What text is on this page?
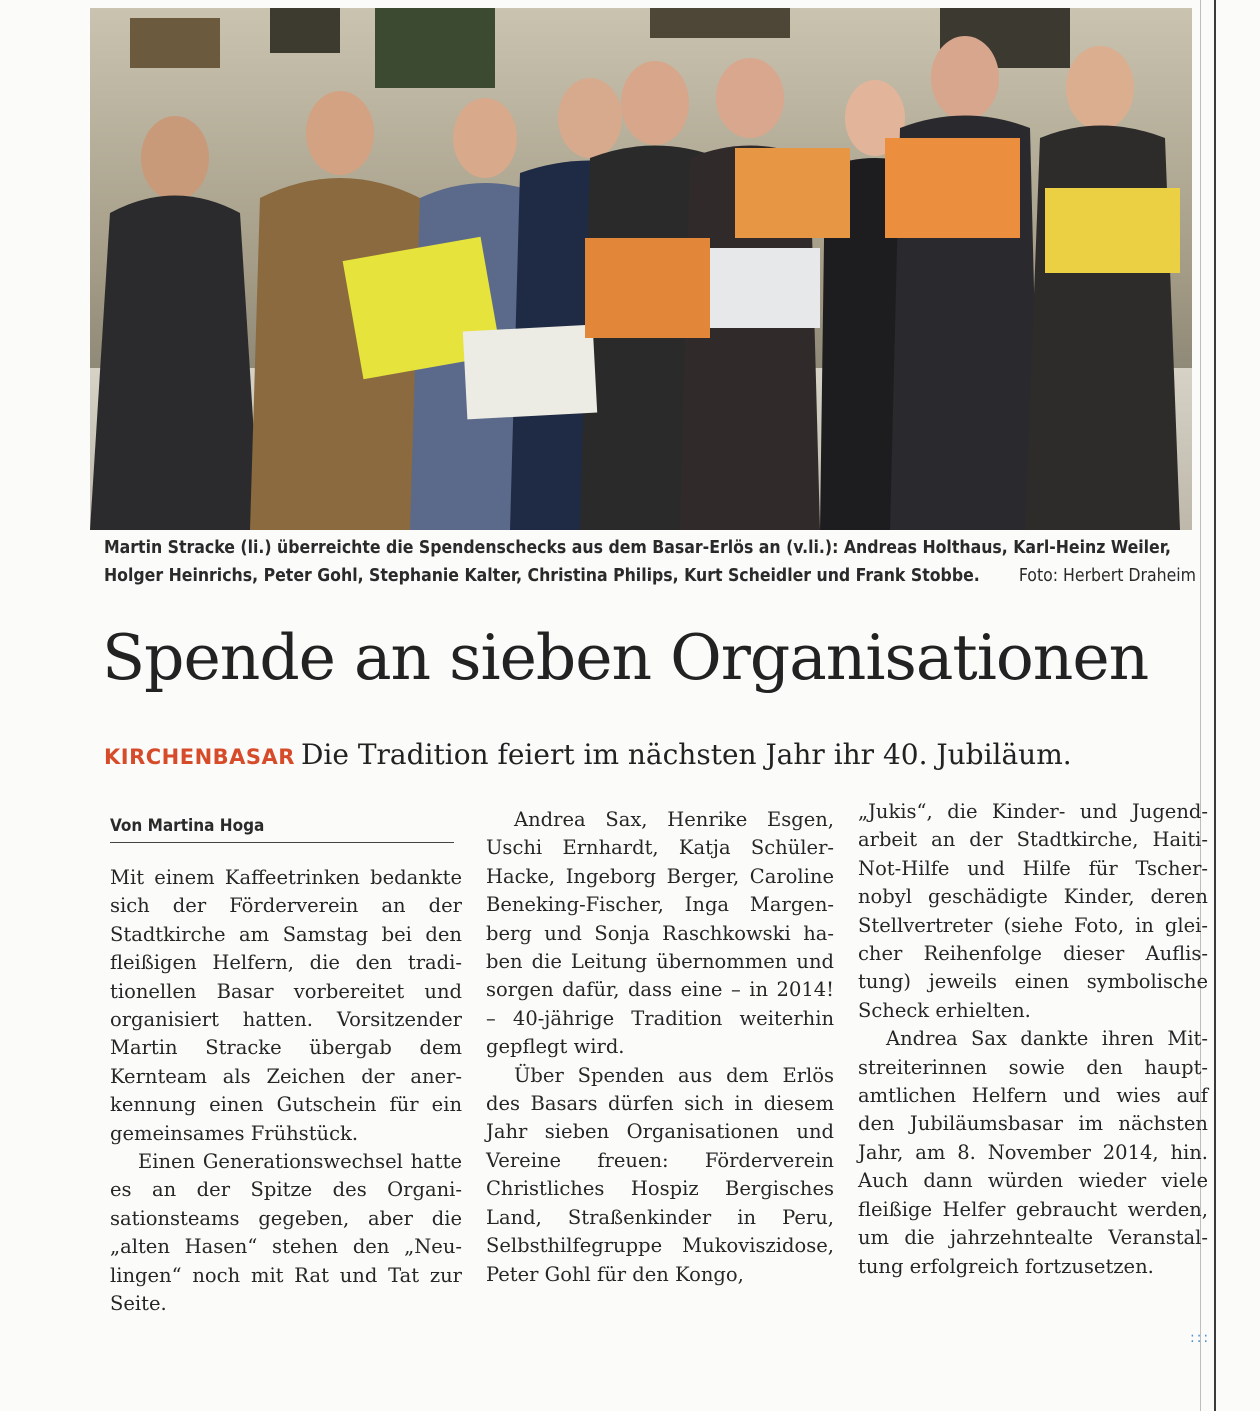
Martin Stracke (li.) überreichte die Spendenschecks aus dem Basar-Erlös an (v.li.): Andreas Holthaus, Karl-Heinz Weiler, Holger Heinrichs, Peter Gohl, Stephanie Kalter, Christina Philips, Kurt Scheidler und Frank Stobbe. Foto: Herbert Draheim
Spende an sieben Organisationen
KIRCHENBASAR Die Tradition feiert im nächsten Jahr ihr 40. Jubiläum.
Von Martina Hoga

Mit einem Kaffeetrinken bedankte sich der Förderverein an der Stadtkirche am Samstag bei den fleißigen Helfern, die den traditionellen Basar vorbereitet und organisiert hatten. Vorsitzender Martin Stracke übergab dem Kernteam als Zeichen der anerkennung einen Gutschein für ein gemeinsames Frühstück.

Einen Generationswechsel hatte es an der Spitze des Organisationsteams gegeben, aber die „alten Hasen“ stehen den „Neulingen“ noch mit Rat und Tat zur Seite.

Andrea Sax, Henrike Esgen, Uschi Ernhardt, Katja Schüler-Hacke, Ingeborg Berger, Caroline Beneking-Fischer, Inga Margenberg und Sonja Raschkowski haben die Leitung übernommen und sorgen dafür, dass eine – in 2014! – 40-jährige Tradition weiterhin gepflegt wird.

Über Spenden aus dem Erlös des Basars dürfen sich in diesem Jahr sieben Organisationen und Vereine freuen: Förderverein Christliches Hospiz Bergisches Land, Straßenkinder in Peru, Selbsthilfegruppe Mukoviszidose, Peter Gohl für den Kongo,

„Jukis“, die Kinder- und Jugendarbeit an der Stadtkirche, Haiti-Not-Hilfe und Hilfe für Tschernobyl geschädigte Kinder, deren Stellvertreter (siehe Foto, in gleicher Reihenfolge dieser Auflistung) jeweils einen symbolische Scheck erhielten.

Andrea Sax dankte ihren Mitstreiterinnen sowie den hauptamtlichen Helfern und wies auf den Jubiläumsbasar im nächsten Jahr, am 8. November 2014, hin. Auch dann würden wieder viele fleißige Helfer gebraucht werden, um die jahrzehntealte Veranstaltung erfolgreich fortzusetzen.

:::
